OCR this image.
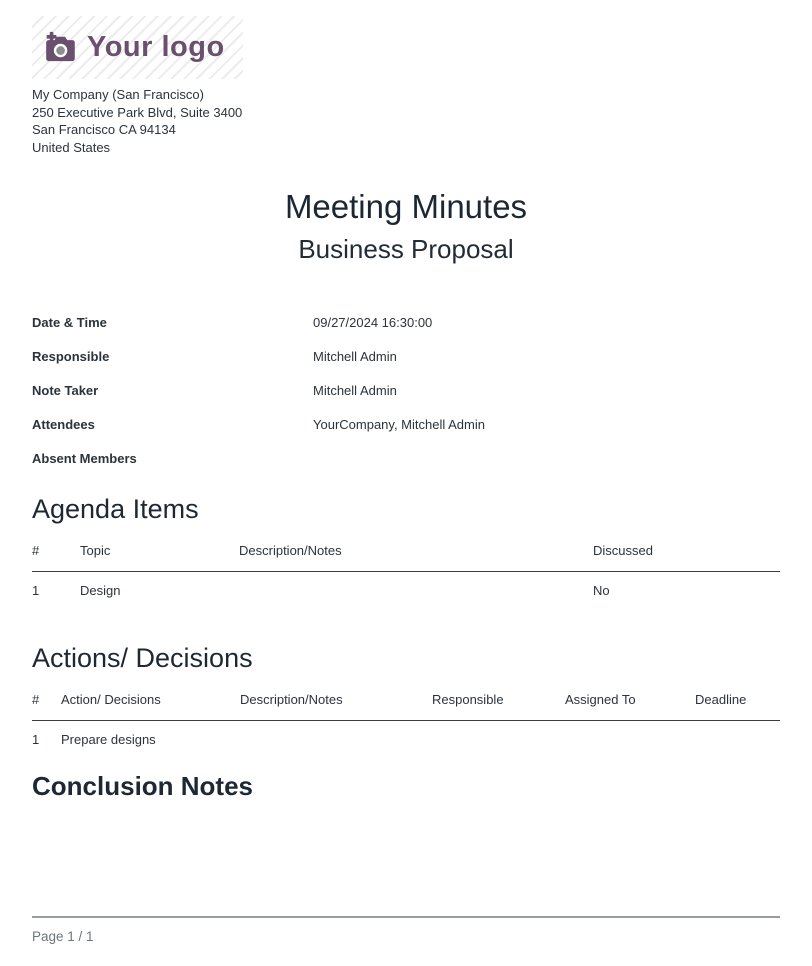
Your logo
My Company (San Francisco)
250 Executive Park Blvd, Suite 3400
San Francisco CA 94134
United States
Meeting Minutes
Business Proposal
Date & Time	09/27/2024 16:30:00
Responsible	Mitchell Admin
Note Taker	Mitchell Admin
Attendees	YourCompany, Mitchell Admin
Absent Members
Agenda Items
#	Topic	Description/Notes	Discussed
1	Design		No
Actions/ Decisions
#	Action/ Decisions	Description/Notes	Responsible	Assigned To	Deadline
1	Prepare designs				
Conclusion Notes
Page 1 / 1
